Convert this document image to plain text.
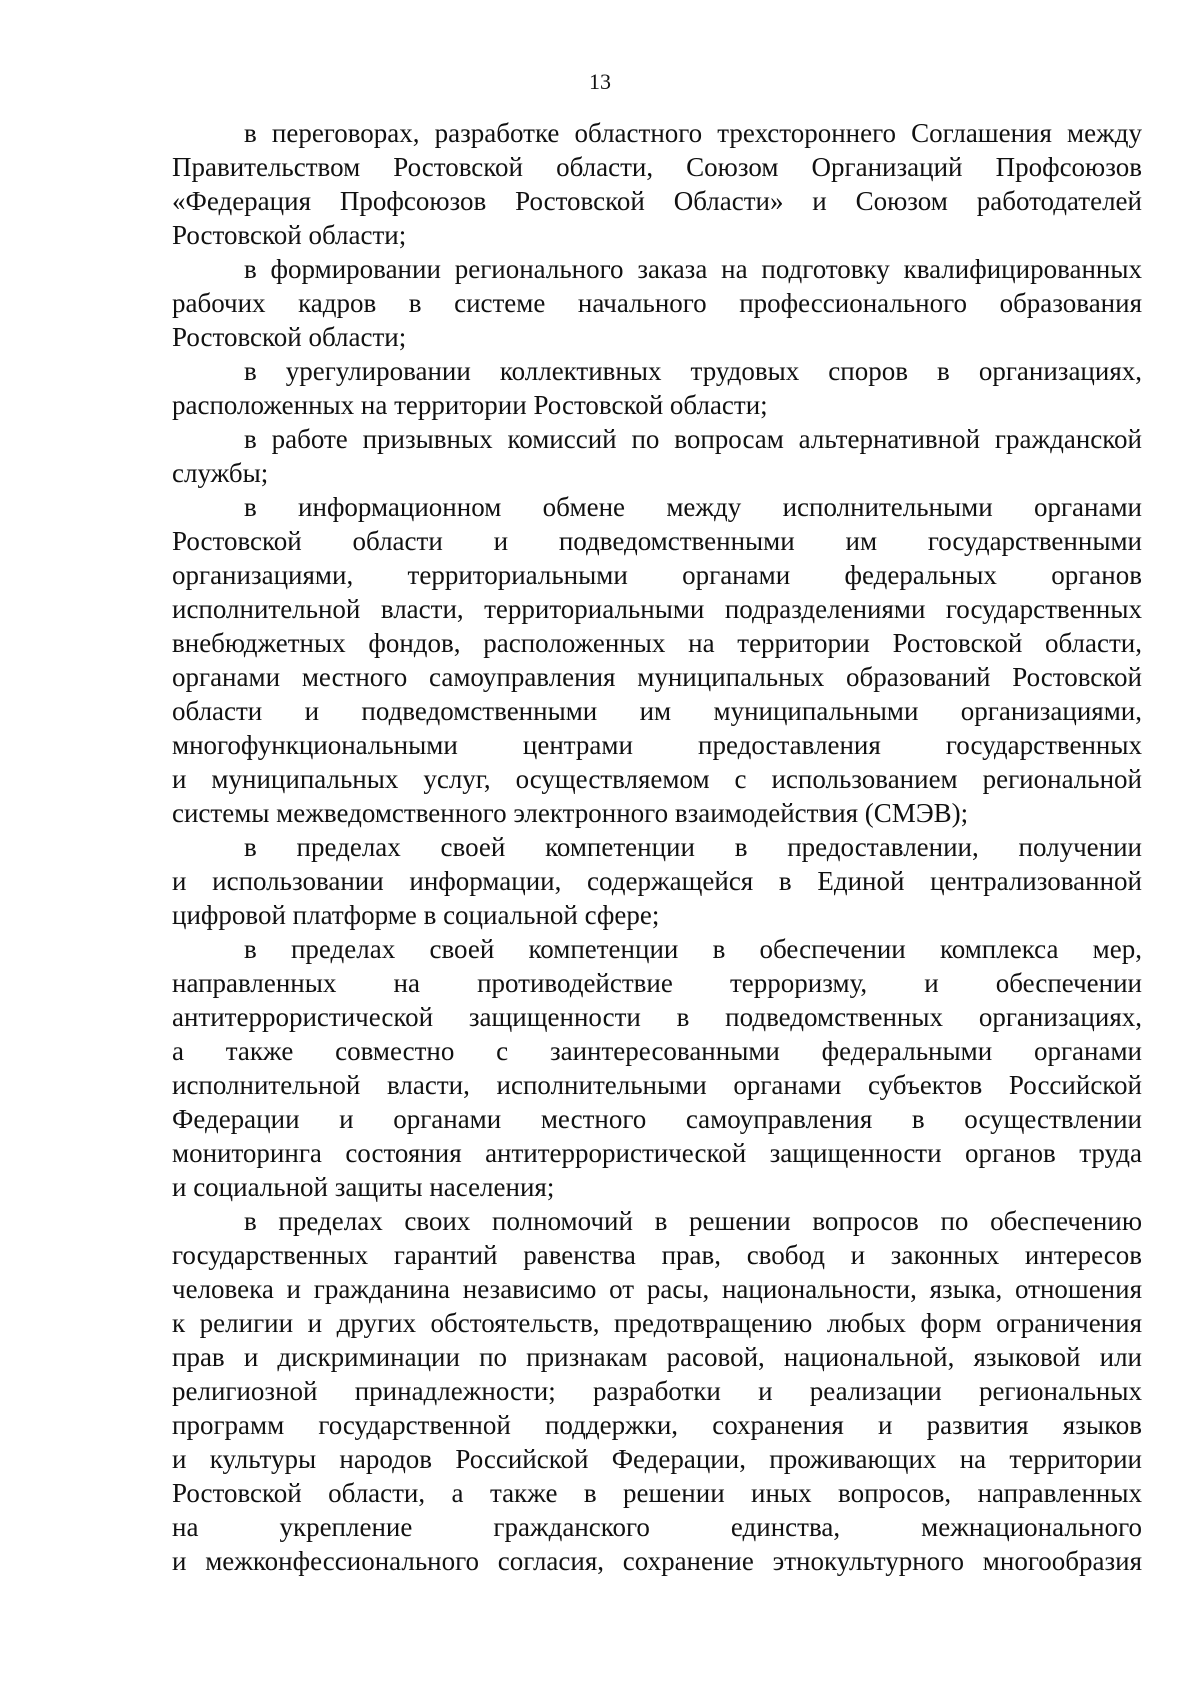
13
в переговорах, разработке областного трехстороннего Соглашения между
Правительством Ростовской области, Союзом Организаций Профсоюзов
«Федерация Профсоюзов Ростовской Области» и Союзом работодателей
Ростовской области;
в формировании регионального заказа на подготовку квалифицированных
рабочих кадров в системе начального профессионального образования
Ростовской области;
в урегулировании коллективных трудовых споров в организациях,
расположенных на территории Ростовской области;
в работе призывных комиссий по вопросам альтернативной гражданской
службы;
в информационном обмене между исполнительными органами
Ростовской области и подведомственными им государственными
организациями, территориальными органами федеральных органов
исполнительной власти, территориальными подразделениями государственных
внебюджетных фондов, расположенных на территории Ростовской области,
органами местного самоуправления муниципальных образований Ростовской
области и подведомственными им муниципальными организациями,
многофункциональными центрами предоставления государственных
и муниципальных услуг, осуществляемом с использованием региональной
системы межведомственного электронного взаимодействия (СМЭВ);
в пределах своей компетенции в предоставлении, получении
и использовании информации, содержащейся в Единой централизованной
цифровой платформе в социальной сфере;
в пределах своей компетенции в обеспечении комплекса мер,
направленных на противодействие терроризму, и обеспечении
антитеррористической защищенности в подведомственных организациях,
а также совместно с заинтересованными федеральными органами
исполнительной власти, исполнительными органами субъектов Российской
Федерации и органами местного самоуправления в осуществлении
мониторинга состояния антитеррористической защищенности органов труда
и социальной защиты населения;
в пределах своих полномочий в решении вопросов по обеспечению
государственных гарантий равенства прав, свобод и законных интересов
человека и гражданина независимо от расы, национальности, языка, отношения
к религии и других обстоятельств, предотвращению любых форм ограничения
прав и дискриминации по признакам расовой, национальной, языковой или
религиозной принадлежности; разработки и реализации региональных
программ государственной поддержки, сохранения и развития языков
и культуры народов Российской Федерации, проживающих на территории
Ростовской области, а также в решении иных вопросов, направленных
на укрепление гражданского единства, межнационального
и межконфессионального согласия, сохранение этнокультурного многообразия
